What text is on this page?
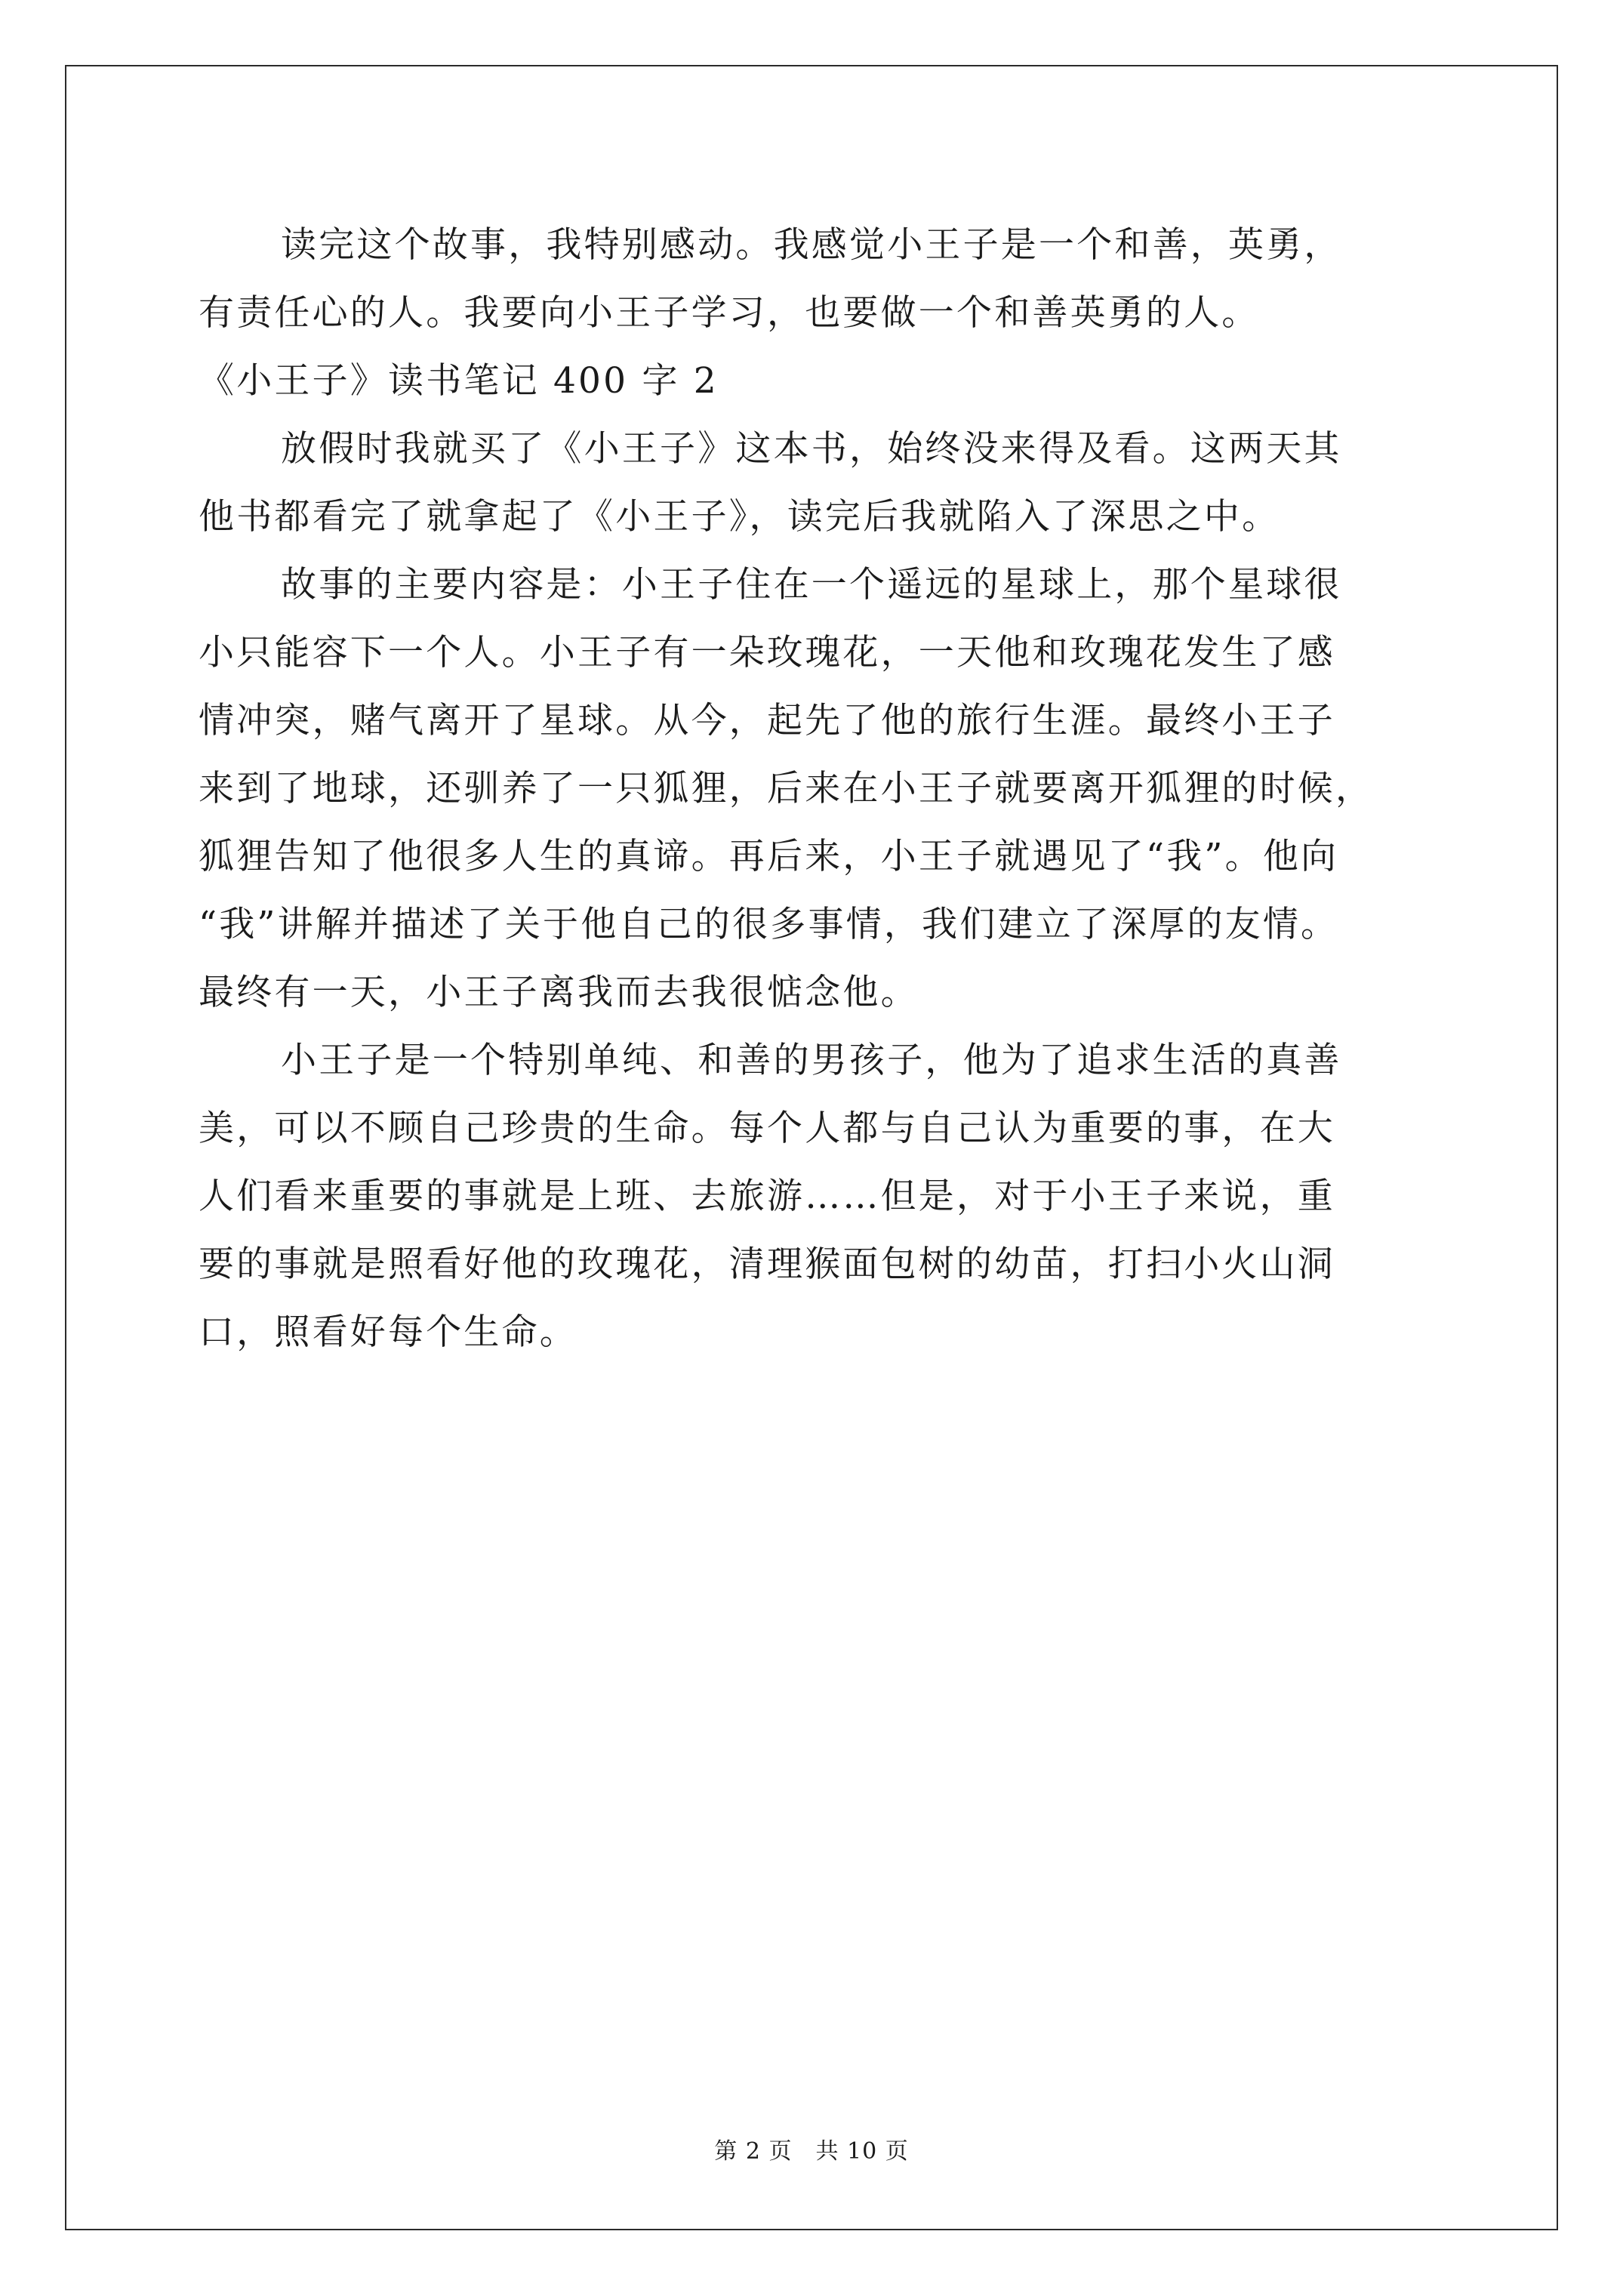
读完这个故事，我特别感动。我感觉小王子是一个和善，英勇，
有责任心的人。我要向小王子学习，也要做一个和善英勇的人。
《小王子》读书笔记 400 字 2
放假时我就买了《小王子》这本书，始终没来得及看。这两天其
他书都看完了就拿起了《小王子》，读完后我就陷入了深思之中。
故事的主要内容是：小王子住在一个遥远的星球上，那个星球很
小只能容下一个人。小王子有一朵玫瑰花，一天他和玫瑰花发生了感
情冲突，赌气离开了星球。从今，起先了他的旅行生涯。最终小王子
来到了地球，还驯养了一只狐狸，后来在小王子就要离开狐狸的时候，
狐狸告知了他很多人生的真谛。再后来，小王子就遇见了“我”。他向
“我”讲解并描述了关于他自己的很多事情，我们建立了深厚的友情。
最终有一天，小王子离我而去我很惦念他。
小王子是一个特别单纯、和善的男孩子，他为了追求生活的真善
美，可以不顾自己珍贵的生命。每个人都与自己认为重要的事，在大
人们看来重要的事就是上班、去旅游……但是，对于小王子来说，重
要的事就是照看好他的玫瑰花，清理猴面包树的幼苗，打扫小火山洞
口，照看好每个生命。
第 2 页　共 10 页
